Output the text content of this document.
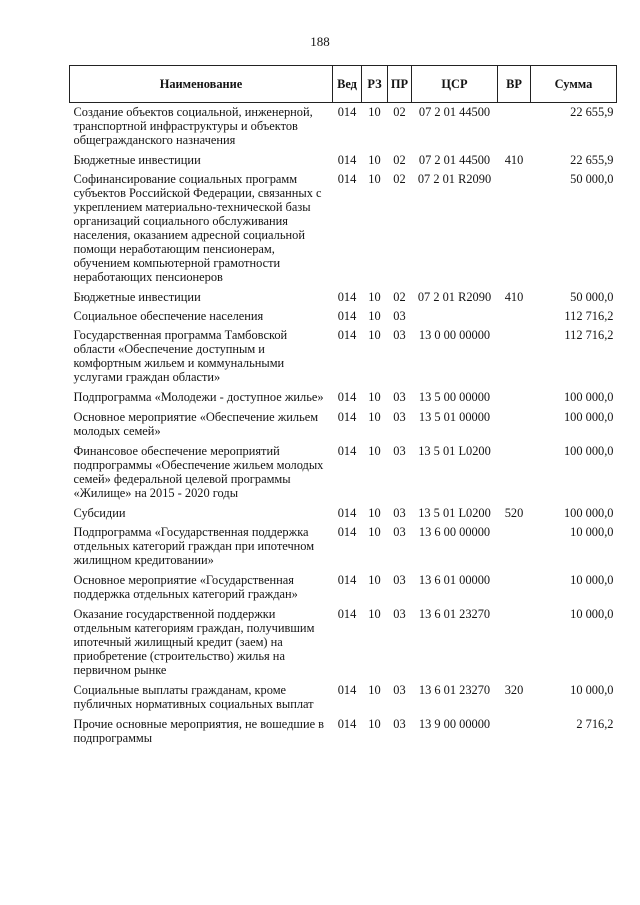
188
Наименование	Вед	РЗ	ПР	ЦСР	ВР	Сумма
Создание объектов социальной, инженерной, транспортной инфраструктуры и объектов общегражданского назначения	014	10	02	07 2 01 44500		22 655,9
Бюджетные инвестиции	014	10	02	07 2 01 44500	410	22 655,9
Софинансирование социальных программ субъектов Российской Федерации, связанных с укреплением материально-технической базы организаций социального обслуживания населения, оказанием адресной социальной помощи неработающим пенсионерам, обучением компьютерной грамотности неработающих пенсионеров	014	10	02	07 2 01 R2090		50 000,0
Бюджетные инвестиции	014	10	02	07 2 01 R2090	410	50 000,0
Социальное обеспечение населения	014	10	03			112 716,2
Государственная программа Тамбовской области «Обеспечение доступным и комфортным жильем и коммунальными услугами граждан области»	014	10	03	13 0 00 00000		112 716,2
Подпрограмма «Молодежи - доступное жилье»	014	10	03	13 5 00 00000		100 000,0
Основное мероприятие «Обеспечение жильем молодых семей»	014	10	03	13 5 01 00000		100 000,0
Финансовое обеспечение мероприятий подпрограммы «Обеспечение жильем молодых семей» федеральной целевой программы «Жилище» на 2015 - 2020 годы	014	10	03	13 5 01 L0200		100 000,0
Субсидии	014	10	03	13 5 01 L0200	520	100 000,0
Подпрограмма «Государственная поддержка отдельных категорий граждан при ипотечном жилищном кредитовании»	014	10	03	13 6 00 00000		10 000,0
Основное мероприятие «Государственная поддержка отдельных категорий граждан»	014	10	03	13 6 01 00000		10 000,0
Оказание государственной поддержки отдельным категориям граждан, получившим ипотечный жилищный кредит (заем) на приобретение (строительство) жилья на первичном рынке	014	10	03	13 6 01 23270		10 000,0
Социальные выплаты гражданам, кроме публичных нормативных социальных выплат	014	10	03	13 6 01 23270	320	10 000,0
Прочие основные мероприятия, не вошедшие в подпрограммы	014	10	03	13 9 00 00000		2 716,2
